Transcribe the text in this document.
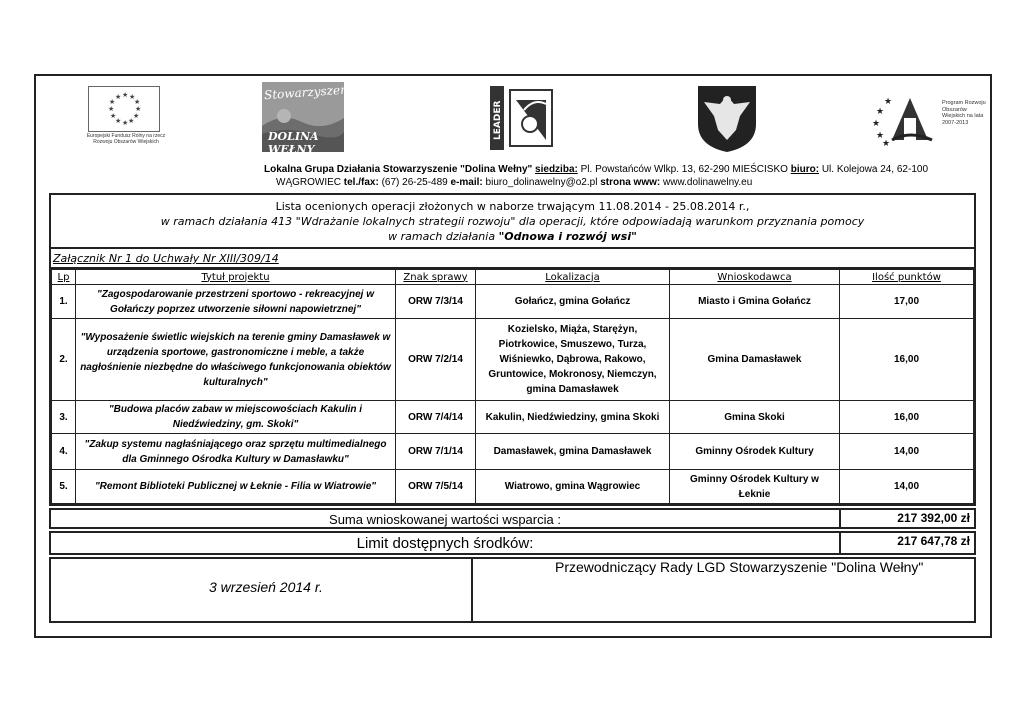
★ ★
★
★
★
★
★
★
★
★
★
★
Europejski Fundusz Rolny na rzecz Rozwoju Obszarów Wiejskich
Stowarzyszenie
DOLINA WEŁNY
LEADER	★
★
★
★
★
Program Rozwoju Obszarów Wiejskich na lata 2007-2013
Lokalna Grupa Działania Stowarzyszenie "Dolina Wełny" siedziba: Pl. Powstańców Wlkp. 13, 62-290 MIEŚCISKO biuro: Ul. Kolejowa 24, 62-100
WĄGROWIEC tel./fax: (67) 26-25-489 e-mail: biuro_dolinawelny@o2.pl strona www: www.dolinawelny.eu
Lista ocenionych operacji złożonych w naborze trwającym 11.08.2014 - 25.08.2014 r.,
w ramach działania 413 "Wdrażanie lokalnych strategii rozwoju" dla operacji, które odpowiadają warunkom przyznania pomocy
w ramach działania "Odnowa i rozwój wsi"
Załącznik Nr 1 do Uchwały Nr XIII/309/14
Lp	Tytuł projektu	Znak sprawy	Lokalizacja	Wnioskodawca	Ilość punktów
1.	"Zagospodarowanie przestrzeni sportowo - rekreacyjnej w Gołańczy poprzez utworzenie siłowni napowietrznej"	ORW 7/3/14	Gołańcz, gmina Gołańcz	Miasto i Gmina Gołańcz	17,00
2.	"Wyposażenie świetlic wiejskich na terenie gminy Damasławek w urządzenia sportowe, gastronomiczne i meble, a także nagłośnienie niezbędne do właściwego funkcjonowania obiektów kulturalnych"	ORW 7/2/14	Kozielsko, Miąża, Starężyn, Piotrkowice, Smuszewo, Turza, Wiśniewko, Dąbrowa, Rakowo, Gruntowice, Mokronosy, Niemczyn, gmina Damasławek	Gmina Damasławek	16,00
3.	"Budowa placów zabaw w miejscowościach Kakulin i Niedźwiedziny, gm. Skoki"	ORW 7/4/14	Kakulin, Niedźwiedziny, gmina Skoki	Gmina Skoki	16,00
4.	"Zakup systemu nagłaśniającego oraz sprzętu multimedialnego dla Gminnego Ośrodka Kultury w Damasławku"	ORW 7/1/14	Damasławek, gmina Damasławek	Gminny Ośrodek Kultury	14,00
5.	"Remont Biblioteki Publicznej w Łeknie - Filia w Wiatrowie"	ORW 7/5/14	Wiatrowo, gmina Wągrowiec	Gminny Ośrodek Kultury w Łeknie	14,00
Suma wnioskowanej wartości wsparcia :	217 392,00 zł
Limit dostępnych środków:	217 647,78 zł
3 wrzesień 2014 r.
Przewodniczący Rady LGD Stowarzyszenie "Dolina Wełny"
